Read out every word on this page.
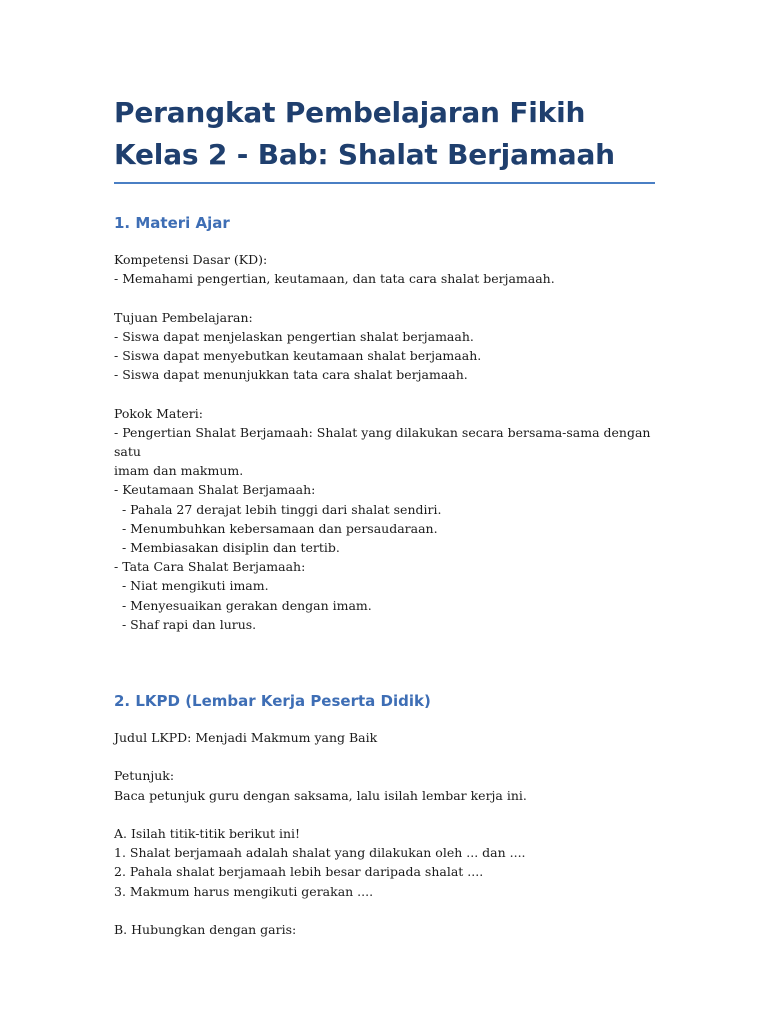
Perangkat Pembelajaran Fikih Kelas 2 - Bab: Shalat Berjamaah
1. Materi Ajar

Kompetensi Dasar (KD):

- Memahami pengertian, keutamaan, dan tata cara shalat berjamaah.

Tujuan Pembelajaran:

- Siswa dapat menjelaskan pengertian shalat berjamaah.

- Siswa dapat menyebutkan keutamaan shalat berjamaah.

- Siswa dapat menunjukkan tata cara shalat berjamaah.

Pokok Materi:

- Pengertian Shalat Berjamaah: Shalat yang dilakukan secara bersama-sama dengan satu

imam dan makmum.

- Keutamaan Shalat Berjamaah:

- Pahala 27 derajat lebih tinggi dari shalat sendiri.

- Menumbuhkan kebersamaan dan persaudaraan.

- Membiasakan disiplin dan tertib.

- Tata Cara Shalat Berjamaah:

- Niat mengikuti imam.

- Menyesuaikan gerakan dengan imam.

- Shaf rapi dan lurus.

2. LKPD (Lembar Kerja Peserta Didik)

Judul LKPD: Menjadi Makmum yang Baik

Petunjuk:

Baca petunjuk guru dengan saksama, lalu isilah lembar kerja ini.

A. Isilah titik-titik berikut ini!

1. Shalat berjamaah adalah shalat yang dilakukan oleh ... dan ....

2. Pahala shalat berjamaah lebih besar daripada shalat ....

3. Makmum harus mengikuti gerakan ....

B. Hubungkan dengan garis:
